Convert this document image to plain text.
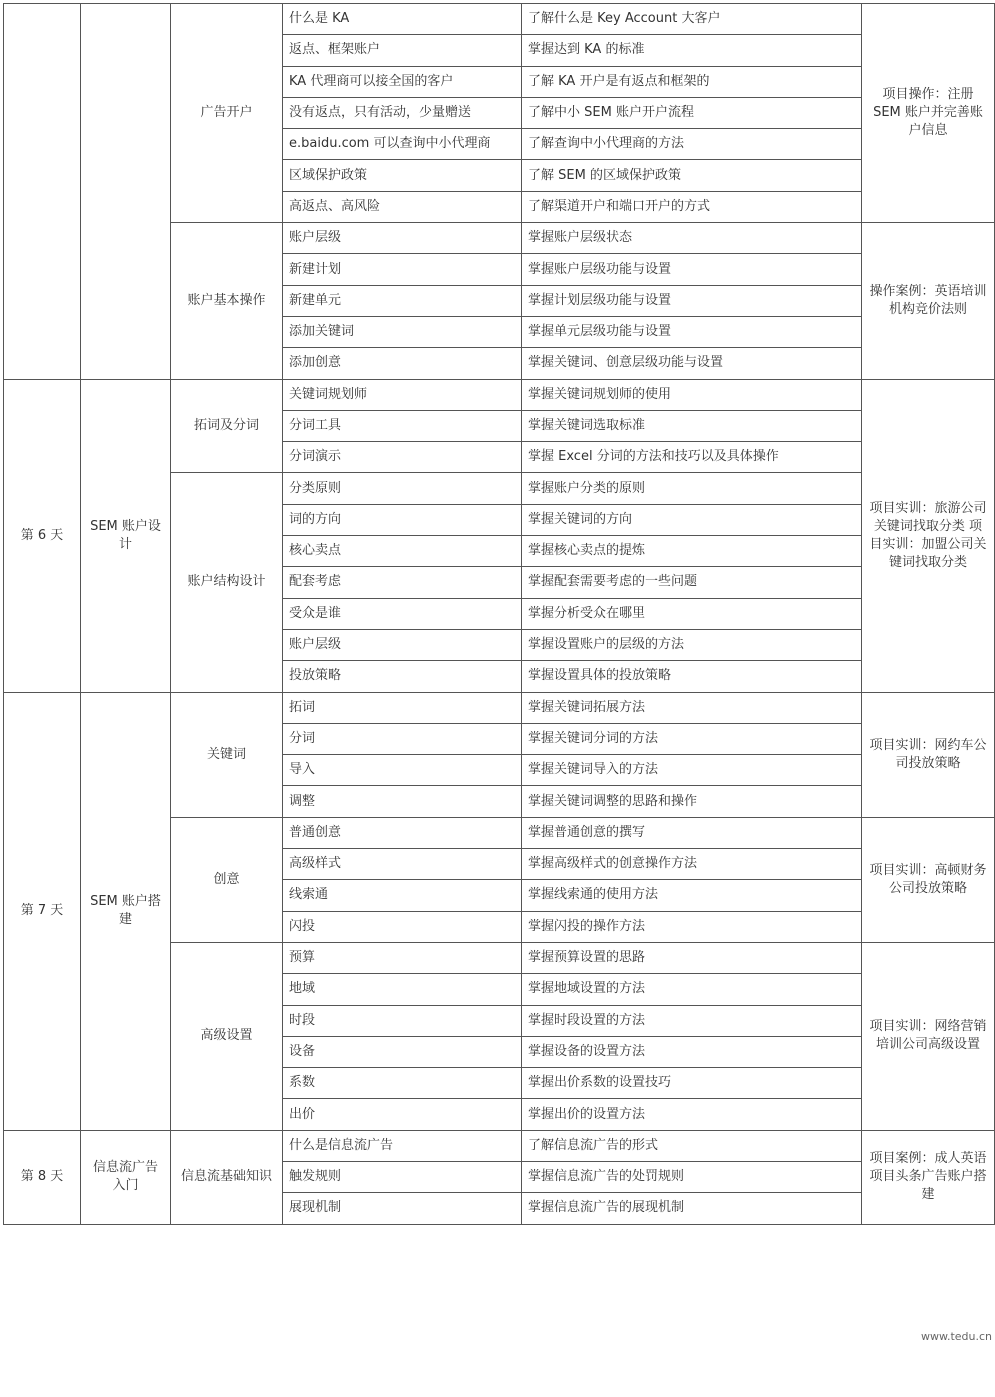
		广告开户	什么是 KA	了解什么是 Key Account 大客户	项目操作：注册 SEM 账户并完善账户信息
			返点、框架账户	掌握达到 KA 的标准	
			KA 代理商可以接全国的客户	了解 KA 开户是有返点和框架的	
			没有返点，只有活动，少量赠送	了解中小 SEM 账户开户流程	
			e.baidu.com 可以查询中小代理商	了解查询中小代理商的方法	
			区域保护政策	了解 SEM 的区域保护政策	
			高返点、高风险	了解渠道开户和端口开户的方式	
		账户基本操作	账户层级	掌握账户层级状态	操作案例：英语培训机构竞价法则
			新建计划	掌握账户层级功能与设置	
			新建单元	掌握计划层级功能与设置	
			添加关键词	掌握单元层级功能与设置	
			添加创意	掌握关键词、创意层级功能与设置	
第 6 天	SEM 账户设计	拓词及分词	关键词规划师	掌握关键词规划师的使用	项目实训：旅游公司关键词找取分类 项目实训：加盟公司关键词找取分类
			分词工具	掌握关键词选取标准	
			分词演示	掌握 Excel 分词的方法和技巧以及具体操作	
		账户结构设计	分类原则	掌握账户分类的原则	
			词的方向	掌握关键词的方向	
			核心卖点	掌握核心卖点的提炼	
			配套考虑	掌握配套需要考虑的一些问题	
			受众是谁	掌握分析受众在哪里	
			账户层级	掌握设置账户的层级的方法	
			投放策略	掌握设置具体的投放策略	
第 7 天	SEM 账户搭建	关键词	拓词	掌握关键词拓展方法	项目实训：网约车公司投放策略
			分词	掌握关键词分词的方法	
			导入	掌握关键词导入的方法	
			调整	掌握关键词调整的思路和操作	
		创意	普通创意	掌握普通创意的撰写	项目实训：高顿财务公司投放策略
			高级样式	掌握高级样式的创意操作方法	
			线索通	掌握线索通的使用方法	
			闪投	掌握闪投的操作方法	
		高级设置	预算	掌握预算设置的思路	项目实训：网络营销培训公司高级设置
			地域	掌握地域设置的方法	
			时段	掌握时段设置的方法	
			设备	掌握设备的设置方法	
			系数	掌握出价系数的设置技巧	
			出价	掌握出价的设置方法	
第 8 天	信息流广告入门	信息流基础知识	什么是信息流广告	了解信息流广告的形式	项目案例：成人英语项目头条广告账户搭建
			触发规则	掌握信息流广告的处罚规则	
			展现机制	掌握信息流广告的展现机制	
www.tedu.cn
